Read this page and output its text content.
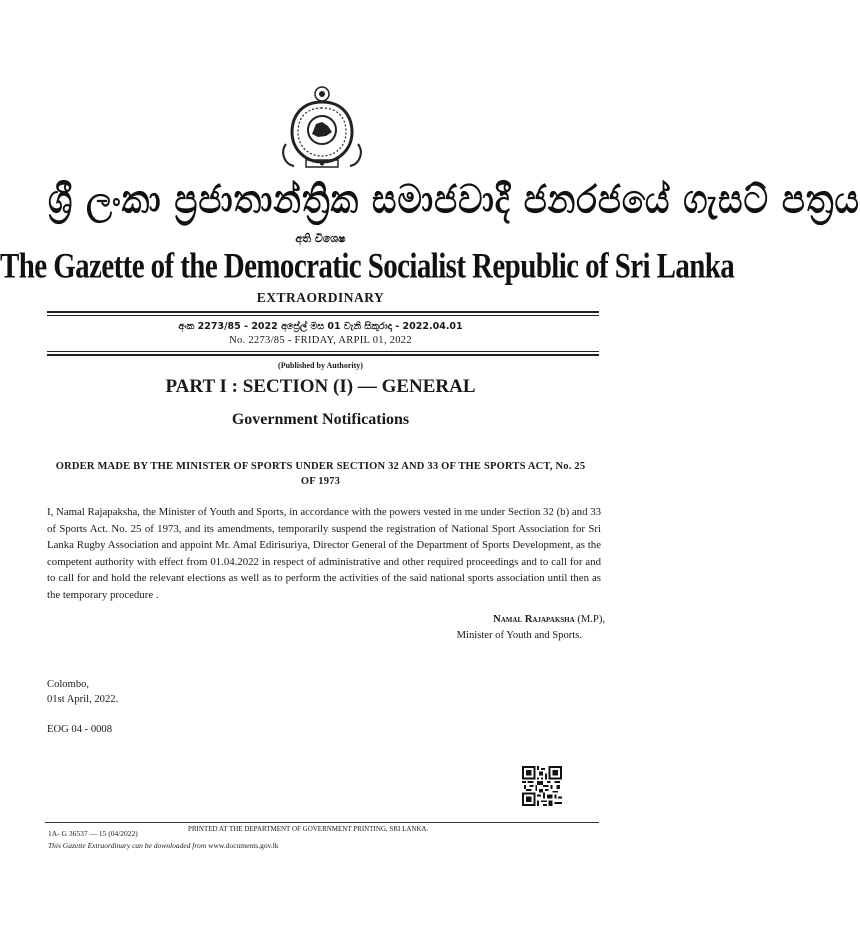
ශ්‍රී ලංකා ප්‍රජාතාන්ත්‍රික සමාජවාදී ජනරජයේ ගැසට් පත්‍රය
අති විශෙෂ
The Gazette of the Democratic Socialist Republic of Sri Lanka
EXTRAORDINARY
අංක 2273/85 - 2022 අප්‍රේල් මස 01 වැනි සිකුරාදා - 2022.04.01
No. 2273/85 - FRIDAY, ARPIL 01, 2022
(Published by Authority)
PART I : SECTION (I) — GENERAL
Government Notifications
ORDER MADE BY THE MINISTER OF SPORTS UNDER SECTION 32 AND 33 OF THE SPORTS ACT, No. 25 OF 1973
I, Namal Rajapaksha, the Minister of Youth and Sports, in accordance with the powers vested in me under Section 32 (b) and 33 of Sports Act. No. 25 of 1973, and its amendments, temporarily suspend the registration of National Sport Association for Sri Lanka Rugby Association and appoint Mr. Amal Edirisuriya, Director General of the Department of Sports Development, as the competent authority with effect from 01.04.2022 in respect of administrative and other required proceedings and to call for and to call for and hold the relevant elections as well as to perform the activities of the said national sports association until then as the temporary procedure .
Namal Rajapaksha (M.P),
Minister of Youth and Sports.
Colombo,
01st April, 2022.
EOG 04 - 0008
1A- G 36537 — 15 (04/2022)	PRINTED AT THE DEPARTMENT OF GOVERNMENT PRINTING, SRI LANKA.
This Gazette Extraordinary can be downloaded from www.documents.gov.lk
